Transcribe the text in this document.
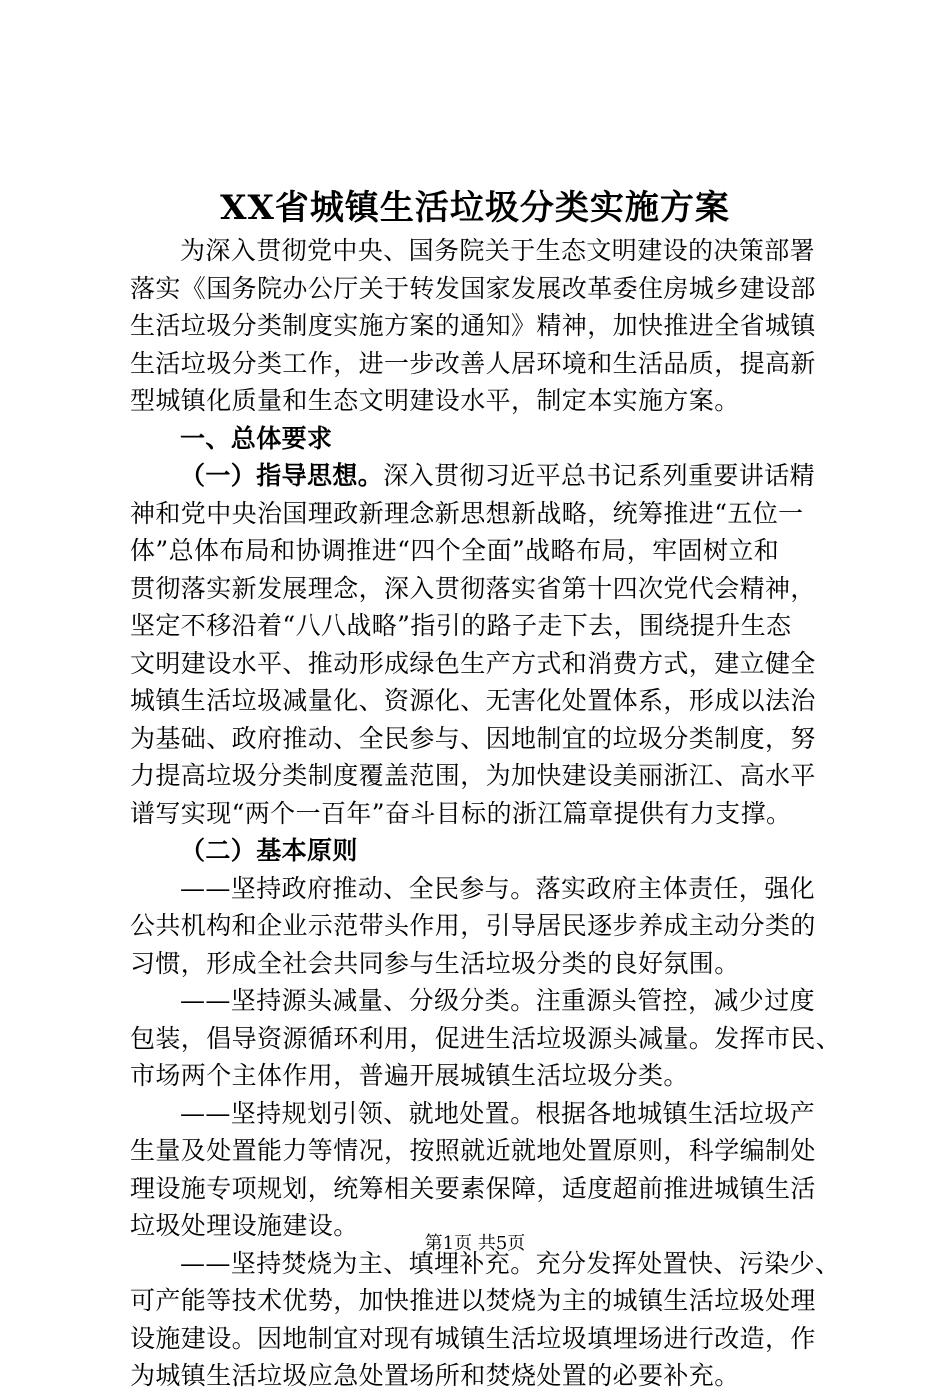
XX省城镇生活垃圾分类实施方案
为深入贯彻党中央、国务院关于生态文明建设的决策部署
落实《国务院办公厅关于转发国家发展改革委住房城乡建设部
生活垃圾分类制度实施方案的通知》精神，加快推进全省城镇
生活垃圾分类工作，进一步改善人居环境和生活品质，提高新
型城镇化质量和生态文明建设水平，制定本实施方案。
一、总体要求
（一）指导思想。深入贯彻习近平总书记系列重要讲话精
神和党中央治国理政新理念新思想新战略，统筹推进“五位一
体”总体布局和协调推进“四个全面”战略布局，牢固树立和
贯彻落实新发展理念，深入贯彻落实省第十四次党代会精神，
坚定不移沿着“八八战略”指引的路子走下去，围绕提升生态
文明建设水平、推动形成绿色生产方式和消费方式，建立健全
城镇生活垃圾减量化、资源化、无害化处置体系，形成以法治
为基础、政府推动、全民参与、因地制宜的垃圾分类制度，努
力提高垃圾分类制度覆盖范围，为加快建设美丽浙江、高水平
谱写实现“两个一百年”奋斗目标的浙江篇章提供有力支撑。
（二）基本原则
——坚持政府推动、全民参与。落实政府主体责任，强化
公共机构和企业示范带头作用，引导居民逐步养成主动分类的
习惯，形成全社会共同参与生活垃圾分类的良好氛围。
——坚持源头减量、分级分类。注重源头管控，减少过度
包装，倡导资源循环利用，促进生活垃圾源头减量。发挥市民、
市场两个主体作用，普遍开展城镇生活垃圾分类。
——坚持规划引领、就地处置。根据各地城镇生活垃圾产
生量及处置能力等情况，按照就近就地处置原则，科学编制处
理设施专项规划，统筹相关要素保障，适度超前推进城镇生活
垃圾处理设施建设。
——坚持焚烧为主、填埋补充。充分发挥处置快、污染少、
可产能等技术优势，加快推进以焚烧为主的城镇生活垃圾处理
设施建设。因地制宜对现有城镇生活垃圾填埋场进行改造，作
为城镇生活垃圾应急处置场所和焚烧处置的必要补充。
第1页 共5页
